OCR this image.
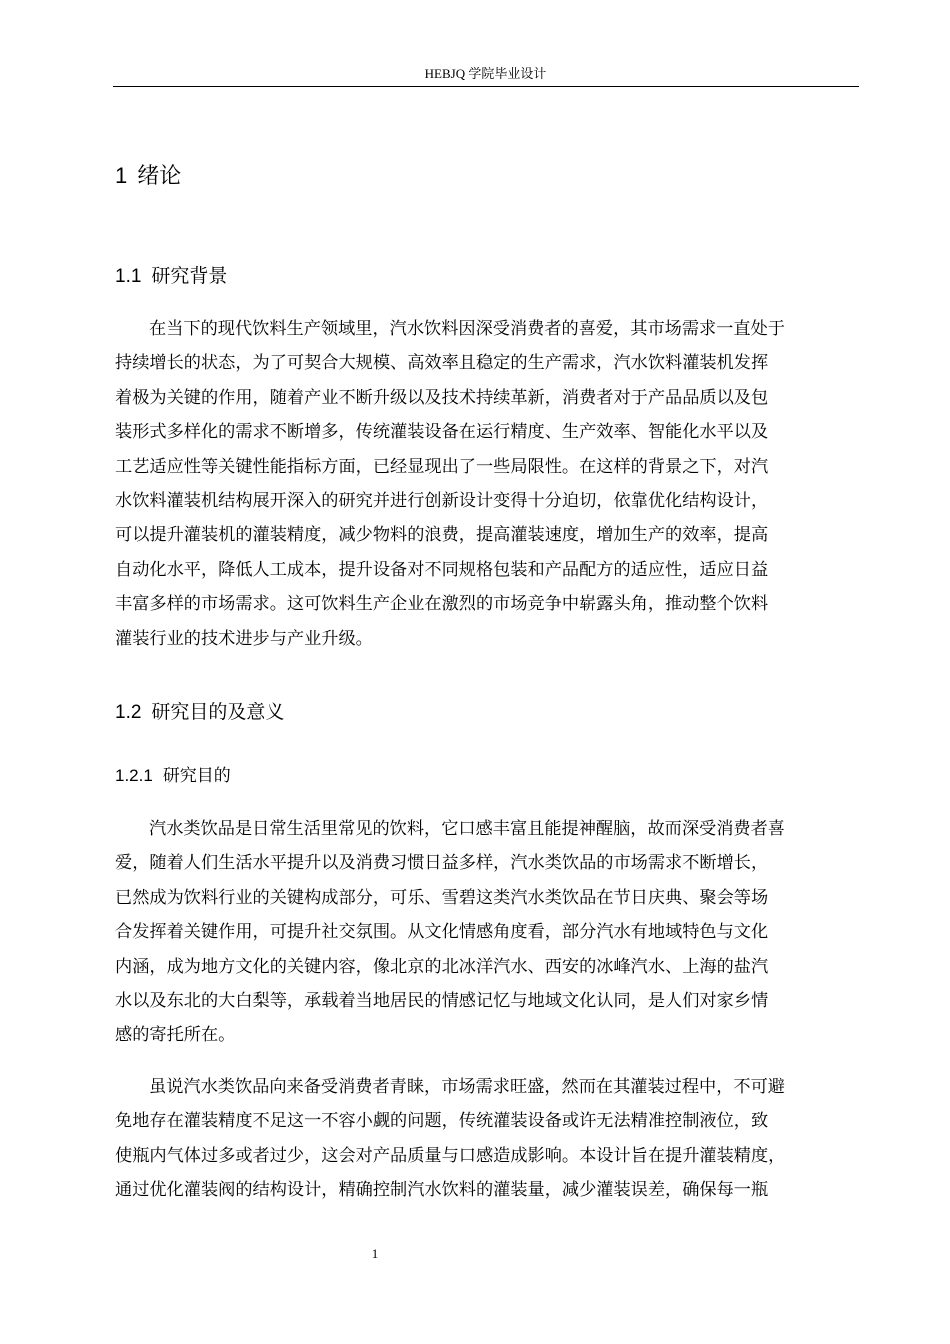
HEBJQ 学院毕业设计
1 绪论
1.1 研究背景
在当下的现代饮料生产领域里，汽水饮料因深受消费者的喜爱，其市场需求一直处于
持续增长的状态，为了可契合大规模、高效率且稳定的生产需求，汽水饮料灌装机发挥
着极为关键的作用，随着产业不断升级以及技术持续革新，消费者对于产品品质以及包
装形式多样化的需求不断增多，传统灌装设备在运行精度、生产效率、智能化水平以及
工艺适应性等关键性能指标方面，已经显现出了一些局限性。在这样的背景之下，对汽
水饮料灌装机结构展开深入的研究并进行创新设计变得十分迫切，依靠优化结构设计，
可以提升灌装机的灌装精度，减少物料的浪费，提高灌装速度，增加生产的效率，提高
自动化水平，降低人工成本，提升设备对不同规格包装和产品配方的适应性，适应日益
丰富多样的市场需求。这可饮料生产企业在激烈的市场竞争中崭露头角，推动整个饮料
灌装行业的技术进步与产业升级。
1.2 研究目的及意义
1.2.1 研究目的
汽水类饮品是日常生活里常见的饮料，它口感丰富且能提神醒脑，故而深受消费者喜
爱，随着人们生活水平提升以及消费习惯日益多样，汽水类饮品的市场需求不断增长，
已然成为饮料行业的关键构成部分，可乐、雪碧这类汽水类饮品在节日庆典、聚会等场
合发挥着关键作用，可提升社交氛围。从文化情感角度看，部分汽水有地域特色与文化
内涵，成为地方文化的关键内容，像北京的北冰洋汽水、西安的冰峰汽水、上海的盐汽
水以及东北的大白梨等，承载着当地居民的情感记忆与地域文化认同，是人们对家乡情
感的寄托所在。
虽说汽水类饮品向来备受消费者青睐，市场需求旺盛，然而在其灌装过程中，不可避
免地存在灌装精度不足这一不容小觑的问题，传统灌装设备或许无法精准控制液位，致
使瓶内气体过多或者过少，这会对产品质量与口感造成影响。本设计旨在提升灌装精度，
通过优化灌装阀的结构设计，精确控制汽水饮料的灌装量，减少灌装误差，确保每一瓶
1
